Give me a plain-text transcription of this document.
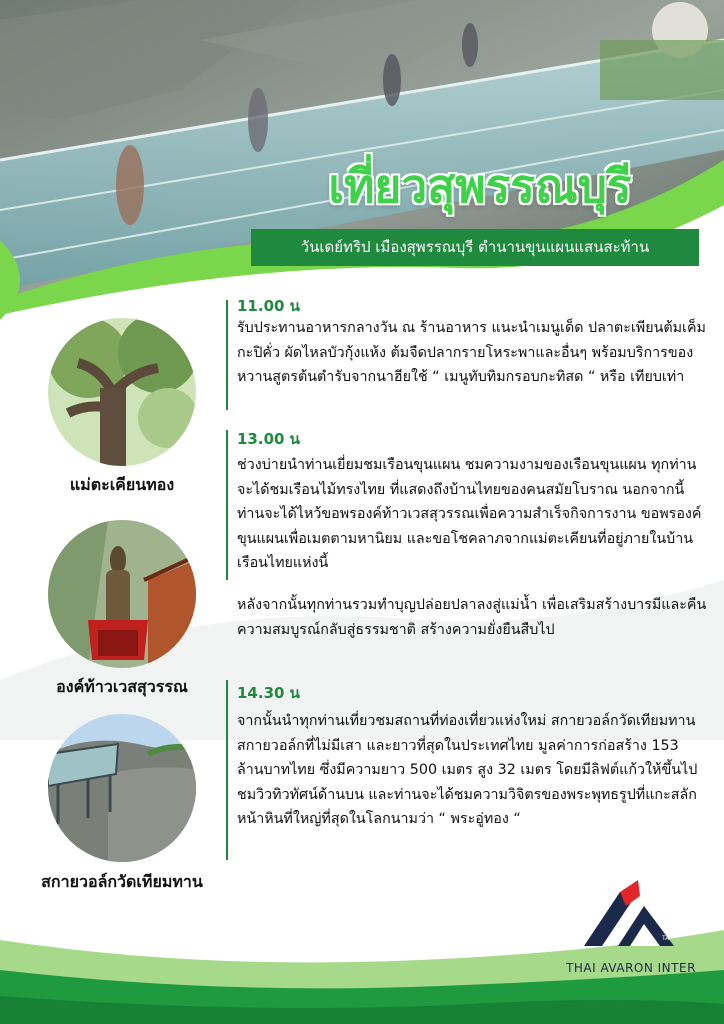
เที่ยวสุพรรณบุรี
วันเดย์ทริป เมืองสุพรรณบุรี ตำนานขุนแผนแสนสะท้าน
11.00 น
รับประทานอาหารกลางวัน ณ ร้านอาหาร แนะนำเมนูเด็ด ปลาตะเพียนต้มเค็ม กะปิคั่ว ผัดไหลบัวกุ้งแห้ง ต้มจืดปลากรายโหระพาและอื่นๆ พร้อมบริการของหวานสูตรต้นตำรับจากนาฮียใช้ “ เมนูทับทิมกรอบกะทิสด “ หรือ เทียบเท่า
13.00 น
ช่วงบ่ายนำท่านเยี่ยมชมเรือนขุนแผน ชมความงามของเรือนขุนแผน ทุกท่านจะได้ชมเรือนไม้ทรงไทย ที่แสดงถึงบ้านไทยของคนสมัยโบราณ นอกจากนี้ท่านจะได้ไหว้ขอพรองค์ท้าวเวสสุวรรณเพื่อความสำเร็จกิจการงาน ขอพรองค์ขุนแผนเพื่อเมตตามหานิยม และขอโชคลาภจากแม่ตะเคียนที่อยู่ภายในบ้านเรือนไทยแห่งนี้
หลังจากนั้นทุกท่านรวมทำบุญปล่อยปลาลงสู่แม่น้ำ เพื่อเสริมสร้างบารมีและคืนความสมบูรณ์กลับสู่ธรรมชาติ สร้างความยั่งยืนสืบไป
14.30 น
จากนั้นนำทุกท่านเที่ยวชมสถานที่ท่องเที่ยวแห่งใหม่ สกายวอล์กวัดเทียมทาน สกายวอล์กที่ไม่มีเสา และยาวที่สุดในประเทศไทย มูลค่าการก่อสร้าง 153 ล้านบาทไทย ซึ่งมีความยาว 500 เมตร สูง 32 เมตร โดยมีลิฟต์แก้วให้ขึ้นไปชมวิวทิวทัศน์ด้านบน และท่านจะได้ชมความวิจิตรของพระพุทธรูปที่แกะสลักหน้าหินที่ใหญ่ที่สุดในโลกนามว่า “ พระอู่ทอง “
แม่ตะเคียนทอง
องค์ท้าวเวสสุวรรณ
สกายวอล์กวัดเทียมทาน
TA
THAI AVARON INTER
